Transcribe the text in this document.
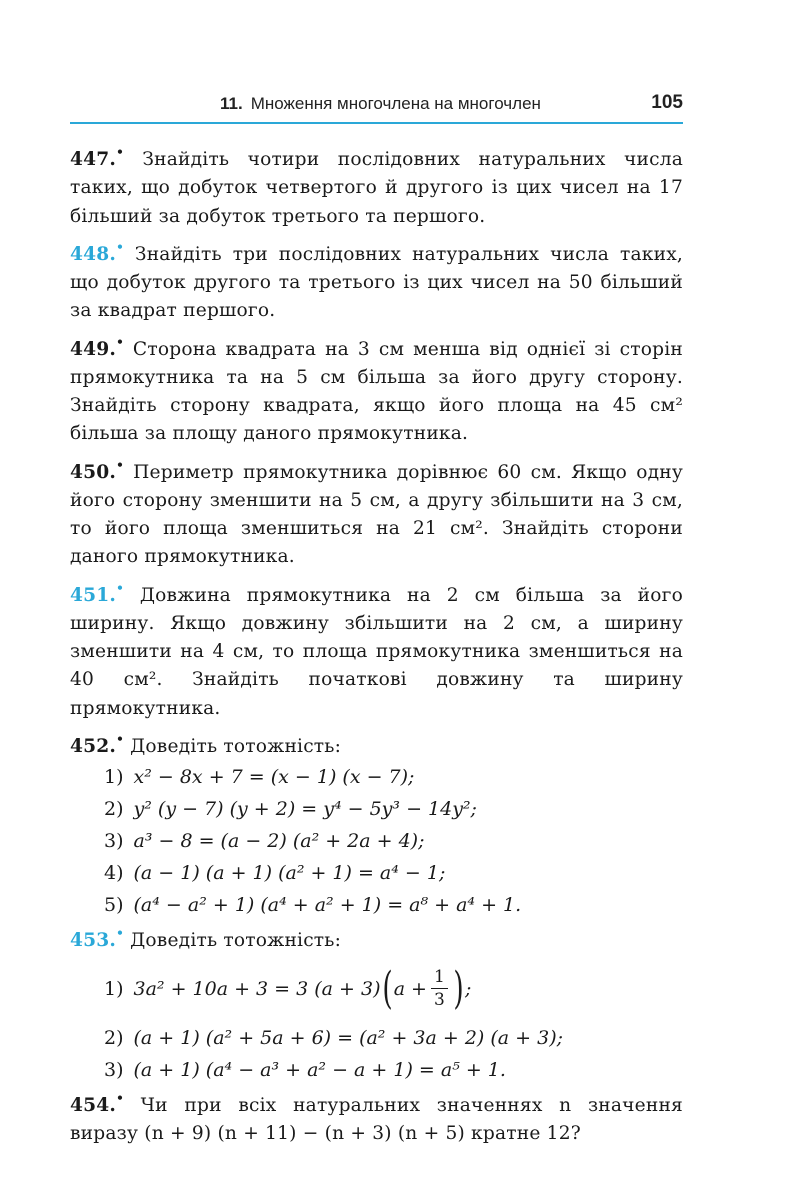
11. Множення многочлена на многочлен	105
447.• Знайдіть чотири послідовних натуральних числа таких, що добуток четвертого й другого із цих чисел на 17 більший за добуток третього та першого.
448.• Знайдіть три послідовних натуральних числа таких, що добуток другого та третього із цих чисел на 50 більший за квадрат першого.
449.• Сторона квадрата на 3 см менша від однієї зі сторін прямокутника та на 5 см більша за його другу сторону. Знайдіть сторону квадрата, якщо його площа на 45 см² більша за площу даного прямокутника.
450.• Периметр прямокутника дорівнює 60 см. Якщо одну його сторону зменшити на 5 см, а другу збільшити на 3 см, то його площа зменшиться на 21 см². Знайдіть сторони даного прямокутника.
451.• Довжина прямокутника на 2 см більша за його ширину. Якщо довжину збільшити на 2 см, а ширину зменшити на 4 см, то площа прямокутника зменшиться на 40 см². Знайдіть початкові довжину та ширину прямокутника.
452.• Доведіть тотожність:
1) x² − 8x + 7 = (x − 1) (x − 7);
2) y² (y − 7) (y + 2) = y⁴ − 5y³ − 14y²;
3) a³ − 8 = (a − 2) (a² + 2a + 4);
4) (a − 1) (a + 1) (a² + 1) = a⁴ − 1;
5) (a⁴ − a² + 1) (a⁴ + a² + 1) = a⁸ + a⁴ + 1.
453.• Доведіть тотожність:
1) 3a² + 10a + 3 = 3 (a + 3) ( $a + \frac{1}{3}$ ) ;
2) (a + 1) (a² + 5a + 6) = (a² + 3a + 2) (a + 3);
3) (a + 1) (a⁴ − a³ + a² − a + 1) = a⁵ + 1.
454.• Чи при всіх натуральних значеннях n значення виразу (n + 9) (n + 11) − (n + 3) (n + 5) кратне 12?
